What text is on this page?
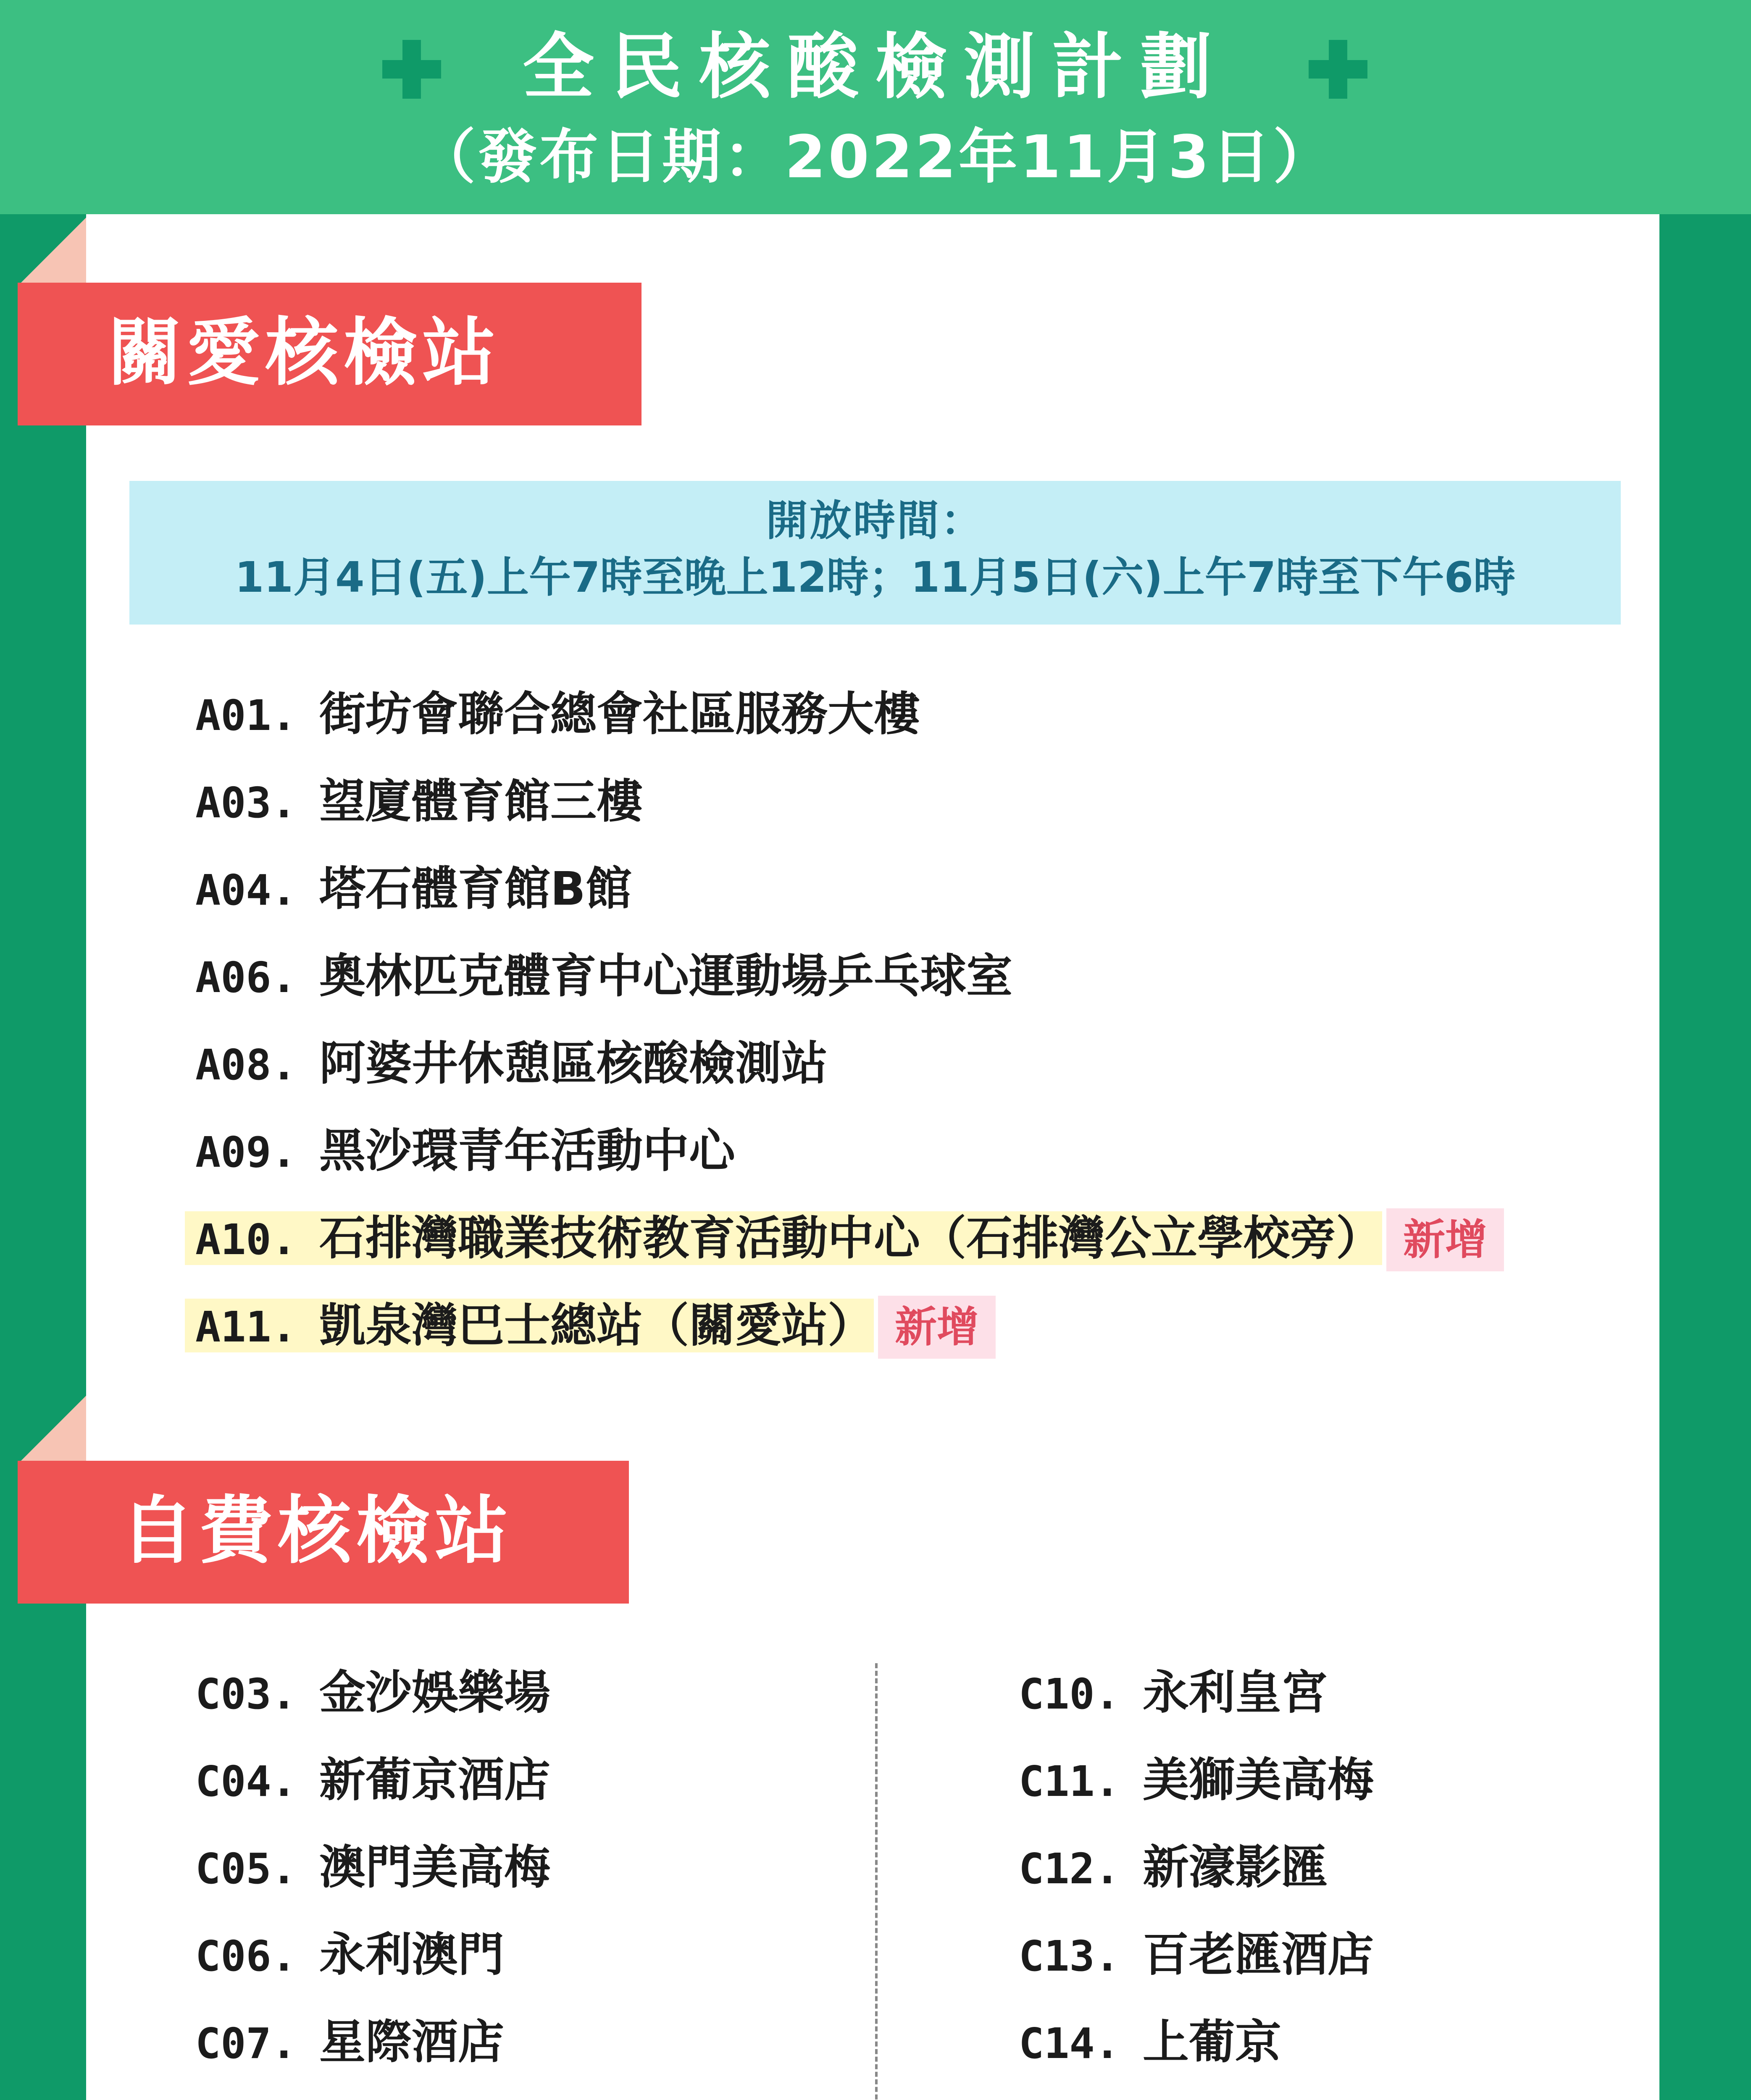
全民核酸檢測計劃
（發布日期：2022年11月3日）
關愛核檢站
開放時間：
11月4日(五)上午7時至晚上12時；11月5日(六)上午7時至下午6時
A01. 街坊會聯合總會社區服務大樓
A03. 望廈體育館三樓
A04. 塔石體育館B館
A06. 奧林匹克體育中心運動場乒乓球室
A08. 阿婆井休憩區核酸檢測站
A09. 黑沙環青年活動中心
A10. 石排灣職業技術教育活動中心（石排灣公立學校旁） 新增
A11. 凱泉灣巴士總站（關愛站） 新增
自費核檢站
C03. 金沙娛樂場
C04. 新葡京酒店
C05. 澳門美高梅
C06. 永利澳門
C07. 星際酒店
C10. 永利皇宮
C11. 美獅美高梅
C12. 新濠影匯
C13. 百老匯酒店
C14. 上葡京
